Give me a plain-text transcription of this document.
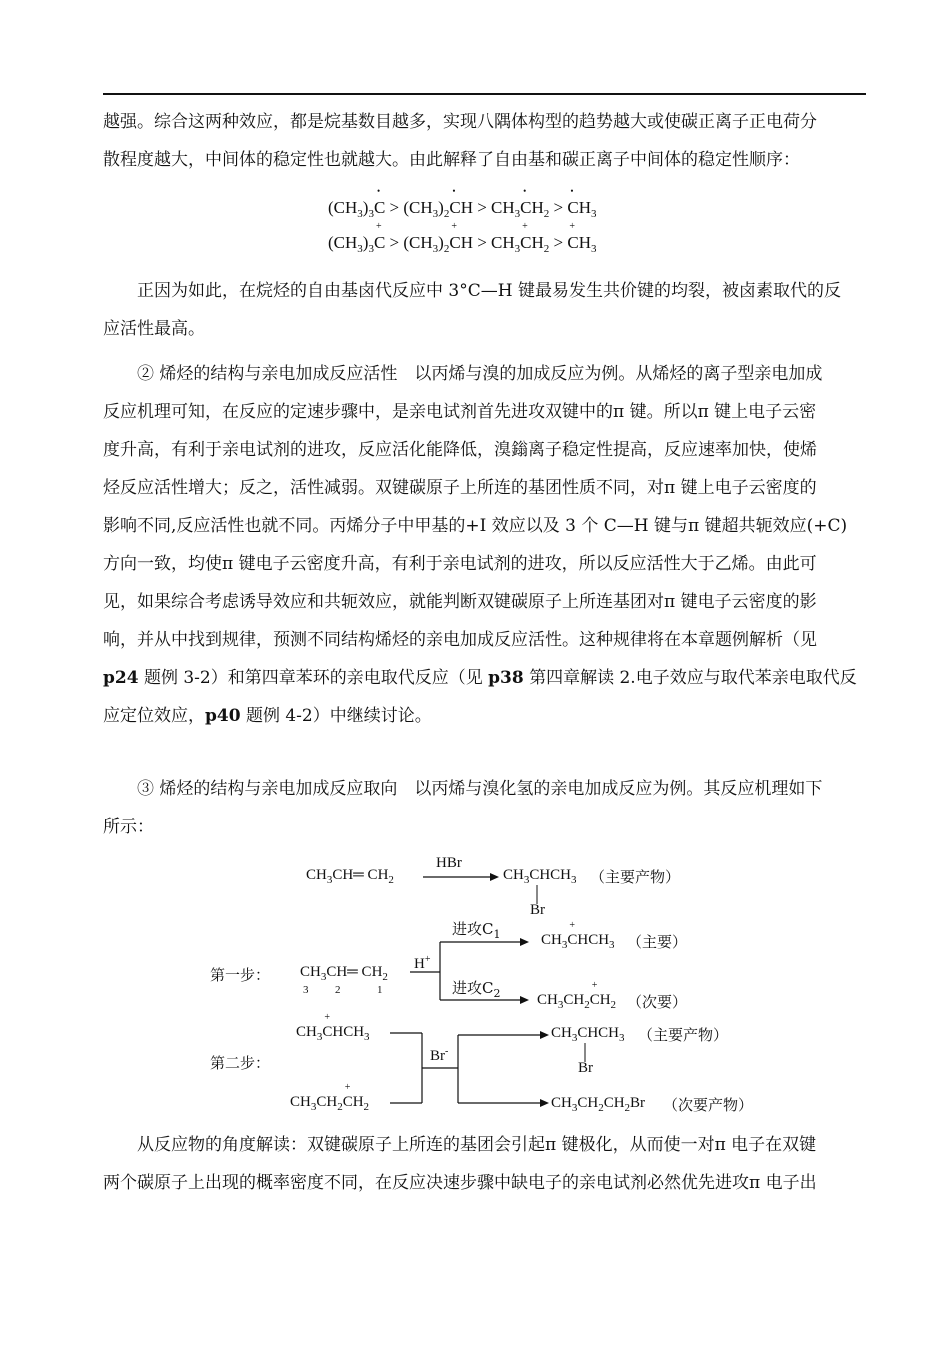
越强。综合这两种效应，都是烷基数目越多，实现八隅体构型的趋势越大或使碳正离子正电荷分
散程度越大，中间体的稳定性也就越大。由此解释了自由基和碳正离子中间体的稳定性顺序：
$(CH_3)_3•$ $C > (CH_3)_2•$ CH > $CH_3•$ $CH_2$ > • $CH_3$
$(CH_3)_3+ C > (CH_3)_2+$ CH > $CH_3+ CH_2$ > + $CH_3$
正因为如此，在烷烃的自由基卤代反应中 3°C—H 键最易发生共价键的均裂，被卤素取代的反
应活性最高。
② 烯烃的结构与亲电加成反应活性　以丙烯与溴的加成反应为例。从烯烃的离子型亲电加成
反应机理可知，在反应的定速步骤中，是亲电试剂首先进攻双键中的π 键。所以π 键上电子云密
度升高，有利于亲电试剂的进攻，反应活化能降低，溴鎓离子稳定性提高，反应速率加快，使烯
烃反应活性增大；反之，活性减弱。双键碳原子上所连的基团性质不同，对π 键上电子云密度的
影响不同,反应活性也就不同。丙烯分子中甲基的+I 效应以及 3 个 C—H 键与π 键超共轭效应(+C)
方向一致，均使π 键电子云密度升高，有利于亲电试剂的进攻，所以反应活性大于乙烯。由此可
见，如果综合考虑诱导效应和共轭效应，就能判断双键碳原子上所连基团对π 键电子云密度的影
响，并从中找到规律，预测不同结构烯烃的亲电加成反应活性。这种规律将在本章题例解析（见
p24 题例 3-2）和第四章苯环的亲电取代反应（见 p38 第四章解读 2.电子效应与取代苯亲电取代反
应定位效应，p40 题例 4-2）中继续讨论。
③ 烯烃的结构与亲电加成反应取向　以丙烯与溴化氢的亲电加成反应为例。其反应机理如下
所示：
$CH_3CH═$ $CH_2$
HBr
$CH_3CHCH_3$ （主要产物）
Br
第一步： $CH_3CH═$ $CH_2$
3 2	1
H+
进攻$C_1$
进攻$C_2$
$CH_3+$ $CHCH_3$ （主要）
$CH_3CH_2+ CH_2$ （次要）
$CH_3+$ $CHCH_3$
第二步：
$CH_3CH_2+ CH_2$
Br-
$CH_3CHCH_3$ （主要产物）
Br
$CH_3CH_2CH_2Br$ （次要产物）
从反应物的角度解读：双键碳原子上所连的基团会引起π 键极化，从而使一对π 电子在双键
两个碳原子上出现的概率密度不同，在反应决速步骤中缺电子的亲电试剂必然优先进攻π 电子出
